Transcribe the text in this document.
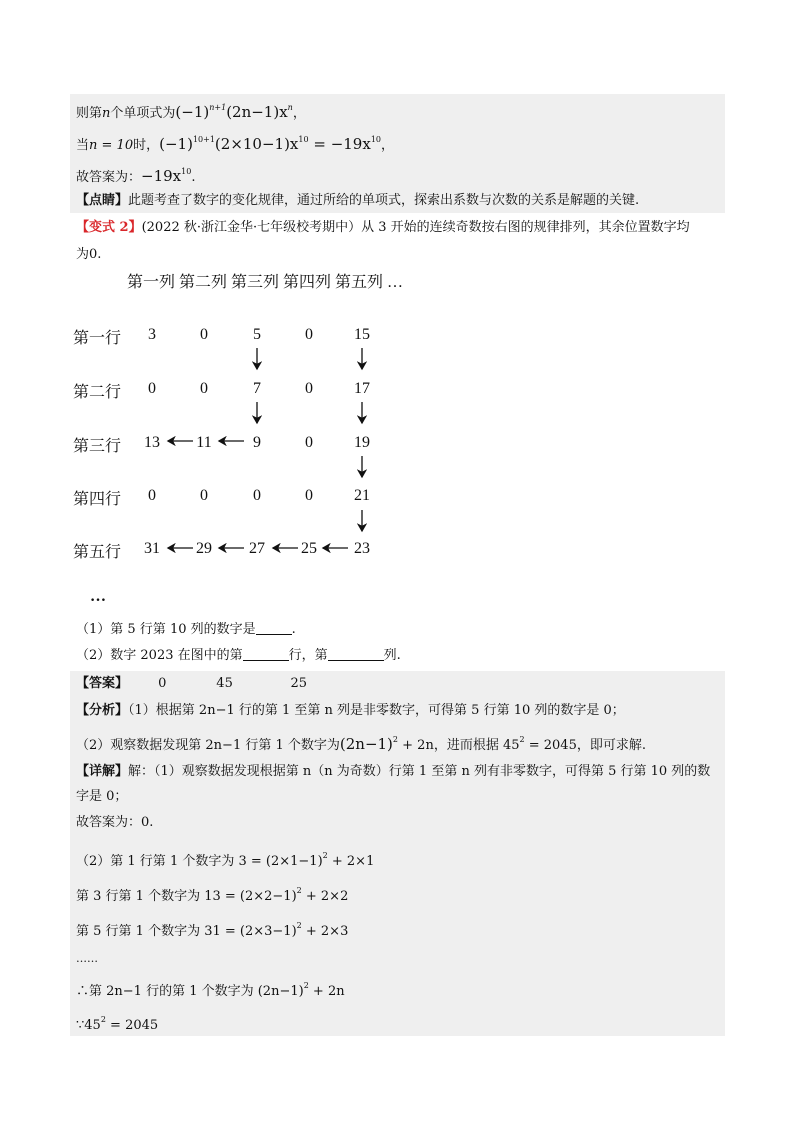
则第n个单项式为$(-1)^{n+1}(2n-1)x^n$，
当n = 10时，$(-1)^{10+1}(2\times 10-1)x^{10} = -19x^{10}$，
故答案为：$-19x^{10}$.
【点睛】此题考查了数字的变化规律，通过所给的单项式，探索出系数与次数的关系是解题的关键.
【变式 2】(2022 秋·浙江金华·七年级校考期中）从 3 开始的连续奇数按右图的规律排列，其余位置数字均
为0.
第一列 第二列 第三列 第四列 第五列 …
第一行	3	0	5	0	15
第二行	0	0	7	0	17
第三行	13	11	9	0	19
第四行	0	0	0	0	21
第五行	31	29	27	25	23
…
（1）第 5 行第 10 列的数字是	.
（2）数字 2023 在图中的第	行，第	列.
【答案】 0	45	25
【分析】（1）根据第 2n−1 行的第 1 至第 n 列是非零数字，可得第 5 行第 10 列的数字是 0；
（2）观察数据发现第 2n−1 行第 1 个数字为$(2n-1)^2 + 2n$，进而根据 $45^2 = 2045$，即可求解.
【详解】解：（1）观察数据发现根据第 n（n 为奇数）行第 1 至第 n 列有非零数字，可得第 5 行第 10 列的数
字是 0；
故答案为：0.
（2）第 1 行第 1 个数字为 $3 = (2\times 1-1)^2 + 2\times 1$
第 3 行第 1 个数字为 $13 = (2\times 2-1)^2 + 2\times 2$
第 5 行第 1 个数字为 $31 = (2\times 3-1)^2 + 2\times 3$
……
∴第 2n−1 行的第 1 个数字为 $(2n-1)^2 + 2n$
$\because 45^2 = 2045$
